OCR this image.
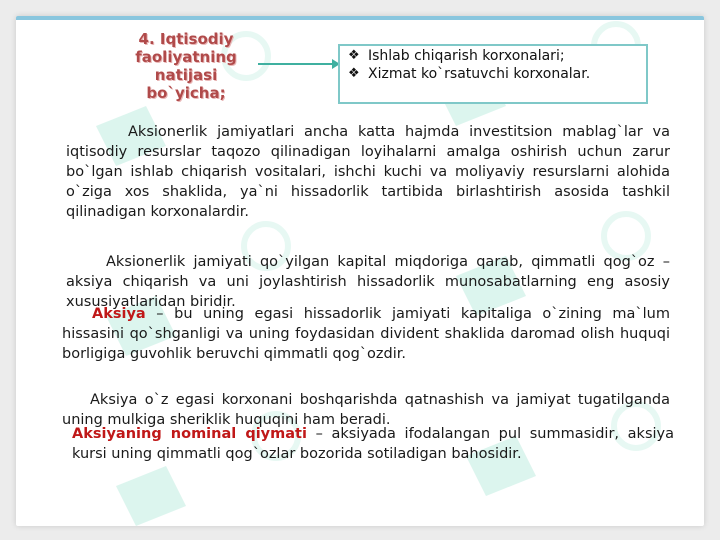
4. Iqtisodiy
faoliyatning
natijasi
bo`yicha;
❖ Ishlab chiqarish korxonalari;
❖ Xizmat ko`rsatuvchi korxonalar.
Aksionerlik jamiyatlari ancha katta hajmda investitsion mablag`lar va iqtisodiy resurslar taqozo qilinadigan loyihalarni amalga oshirish uchun zarur bo`lgan ishlab chiqarish vositalari, ishchi kuchi va moliyaviy resurslarni alohida o`ziga xos shaklida, ya`ni hissadorlik tartibida birlashtirish asosida tashkil qilinadigan korxonalardir.
Aksionerlik jamiyati qo`yilgan kapital miqdoriga qarab, qimmatli qog`oz –aksiya chiqarish va uni joylashtirish hissadorlik munosabatlarning eng asosiy xususiyatlaridan biridir.
Aksiya – bu uning egasi hissadorlik jamiyati kapitaliga o`zining ma`lum hissasini qo`shganligi va uning foydasidan divident shaklida daromad olish huquqi borligiga guvohlik beruvchi qimmatli qog`ozdir.
Aksiya o`z egasi korxonani boshqarishda qatnashish va jamiyat tugatilganda uning mulkiga sheriklik huquqini ham beradi.
Aksiyaning nominal qiymati – aksiyada ifodalangan pul summasidir, aksiya kursi uning qimmatli qog`ozlar bozorida sotiladigan bahosidir.
